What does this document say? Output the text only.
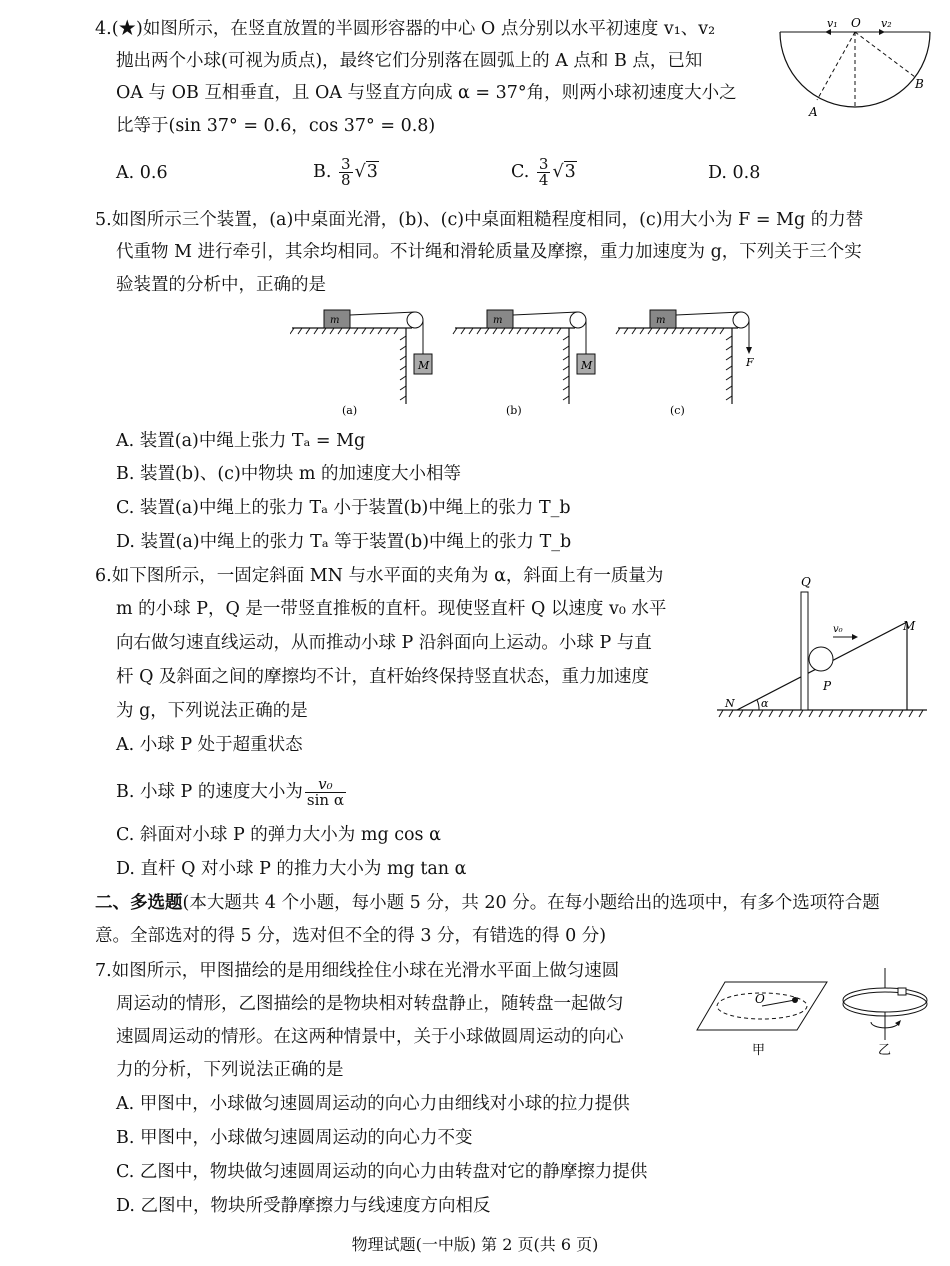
4.(★)如图所示，在竖直放置的半圆形容器的中心 O 点分别以水平初速度 v₁、v₂
抛出两个小球(可视为质点)，最终它们分别落在圆弧上的 A 点和 B 点，已知
OA 与 OB 互相垂直，且 OA 与竖直方向成 α = 37°角，则两小球初速度大小之
比等于(sin 37° = 0.6，cos 37° = 0.8)
A. 0.6	B. $\frac{3}{8} √3$	C. $\frac{3}{4} √3$	D. 0.8
v₁ O v₂
A
B
5.如图所示三个装置，(a)中桌面光滑，(b)、(c)中桌面粗糙程度相同，(c)用大小为 F = Mg 的力替
代重物 M 进行牵引，其余均相同。不计绳和滑轮质量及摩擦，重力加速度为 g，下列关于三个实
验装置的分析中，正确的是
m	m	m
M	M	F
(a)	(b)	(c)
A. 装置(a)中绳上张力 Tₐ = Mg
B. 装置(b)、(c)中物块 m 的加速度大小相等
C. 装置(a)中绳上的张力 Tₐ 小于装置(b)中绳上的张力 T_b
D. 装置(a)中绳上的张力 Tₐ 等于装置(b)中绳上的张力 T_b
6.如下图所示，一固定斜面 MN 与水平面的夹角为 α，斜面上有一质量为
m 的小球 P，Q 是一带竖直推板的直杆。现使竖直杆 Q 以速度 v₀ 水平
向右做匀速直线运动，从而推动小球 P 沿斜面向上运动。小球 P 与直
杆 Q 及斜面之间的摩擦均不计，直杆始终保持竖直状态，重力加速度
为 g，下列说法正确的是
A. 小球 P 处于超重状态
B. 小球 P 的速度大小为 $\frac{\text{v₀}}{\text{sin α}}$
C. 斜面对小球 P 的弹力大小为 mg cos α
D. 直杆 Q 对小球 P 的推力大小为 mg tan α
Q
M
N
P
v₀
α
二、多选题(本大题共 4 个小题，每小题 5 分，共 20 分。在每小题给出的选项中，有多个选项符合题
意。全部选对的得 5 分，选对但不全的得 3 分，有错选的得 0 分)
7.如图所示，甲图描绘的是用细线拴住小球在光滑水平面上做匀速圆
周运动的情形，乙图描绘的是物块相对转盘静止，随转盘一起做匀
速圆周运动的情形。在这两种情景中，关于小球做圆周运动的向心
力的分析，下列说法正确的是
A. 甲图中，小球做匀速圆周运动的向心力由细线对小球的拉力提供
B. 甲图中，小球做匀速圆周运动的向心力不变
C. 乙图中，物块做匀速圆周运动的向心力由转盘对它的静摩擦力提供
D. 乙图中，物块所受静摩擦力与线速度方向相反
O
甲	乙
物理试题(一中版) 第 2 页(共 6 页)
